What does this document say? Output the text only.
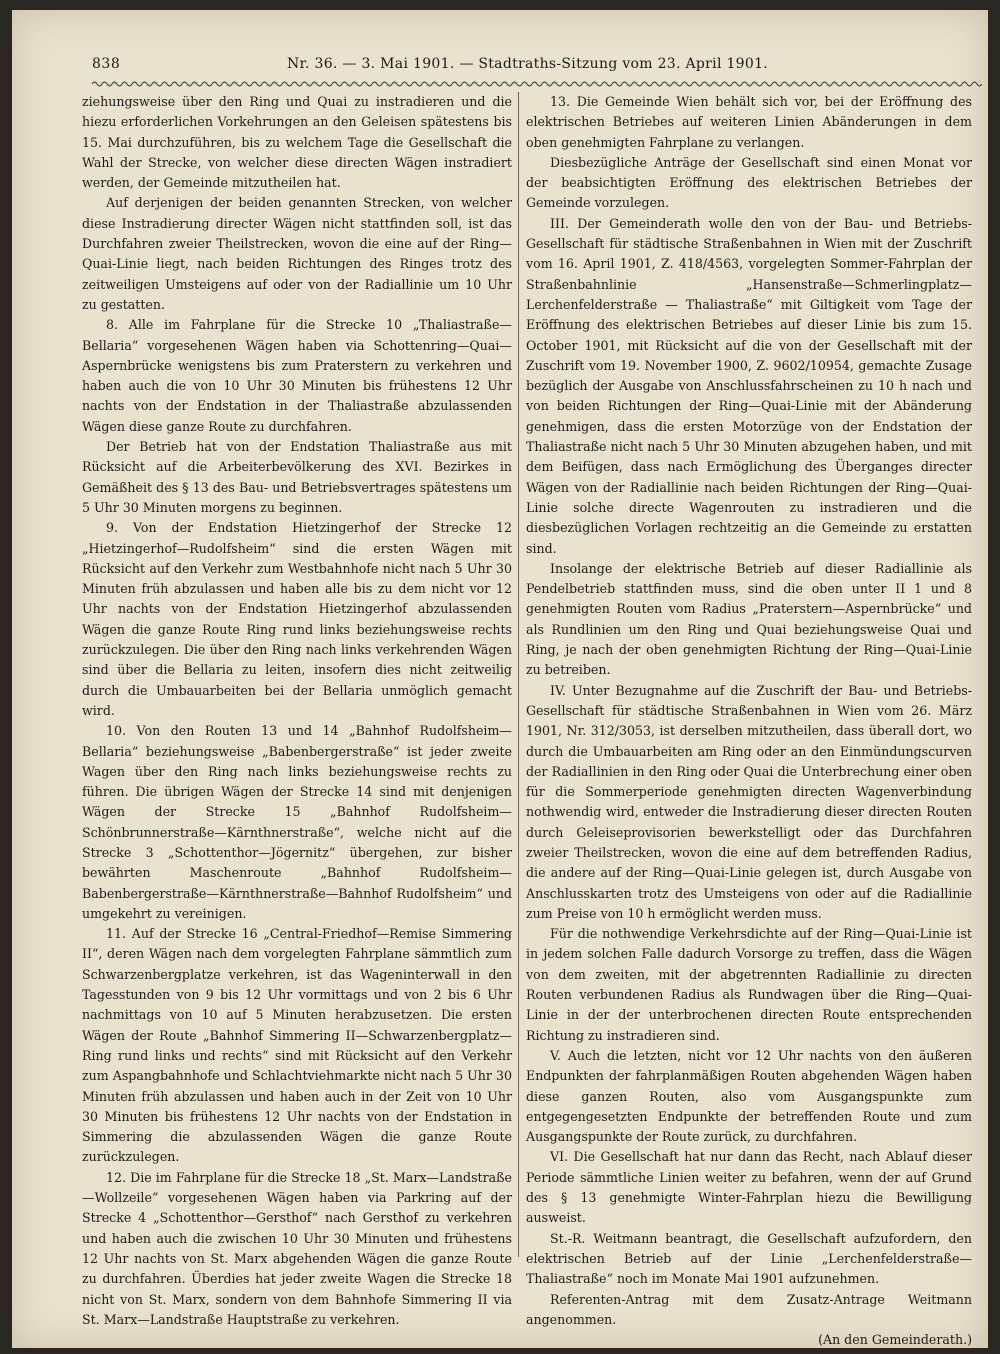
838	Nr. 36. — 3. Mai 1901. — Stadtraths-Sitzung vom 23. April 1901.

ziehungsweise über den Ring und Quai zu instradieren und die hiezu erforderlichen Vorkehrungen an den Geleisen spätestens bis 15. Mai durchzuführen, bis zu welchem Tage die Gesellschaft die Wahl der Strecke, von welcher diese directen Wägen instradiert werden, der Gemeinde mitzutheilen hat.

Auf derjenigen der beiden genannten Strecken, von welcher diese Instradierung directer Wägen nicht stattfinden soll, ist das Durchfahren zweier Theilstrecken, wovon die eine auf der Ring—Quai-Linie liegt, nach beiden Richtungen des Ringes trotz des zeitweiligen Umsteigens auf oder von der Radiallinie um 10 Uhr zu gestatten.

8. Alle im Fahrplane für die Strecke 10 „Thaliastraße—Bellaria“ vorgesehenen Wägen haben via Schottenring—Quai—Aspernbrücke wenigstens bis zum Praterstern zu verkehren und haben auch die von 10 Uhr 30 Minuten bis frühestens 12 Uhr nachts von der Endstation in der Thaliastraße abzulassenden Wägen diese ganze Route zu durchfahren.

Der Betrieb hat von der Endstation Thaliastraße aus mit Rücksicht auf die Arbeiterbevölkerung des XVI. Bezirkes in Gemäßheit des § 13 des Bau- und Betriebsvertrages spätestens um 5 Uhr 30 Minuten morgens zu beginnen.

9. Von der Endstation Hietzingerhof der Strecke 12 „Hietzingerhof—Rudolfsheim“ sind die ersten Wägen mit Rücksicht auf den Verkehr zum Westbahnhofe nicht nach 5 Uhr 30 Minuten früh abzulassen und haben alle bis zu dem nicht vor 12 Uhr nachts von der Endstation Hietzingerhof abzulassenden Wägen die ganze Route Ring rund links beziehungsweise rechts zurückzulegen. Die über den Ring nach links verkehrenden Wägen sind über die Bellaria zu leiten, insofern dies nicht zeitweilig durch die Umbauarbeiten bei der Bellaria unmöglich gemacht wird.

10. Von den Routen 13 und 14 „Bahnhof Rudolfsheim—Bellaria“ beziehungsweise „Babenbergerstraße“ ist jeder zweite Wagen über den Ring nach links beziehungsweise rechts zu führen. Die übrigen Wägen der Strecke 14 sind mit denjenigen Wägen der Strecke 15 „Bahnhof Rudolfsheim—Schönbrunnerstraße—Kärnthnerstraße“, welche nicht auf die Strecke 3 „Schottenthor—Jögernitz“ übergehen, zur bisher bewährten Maschenroute „Bahnhof Rudolfsheim—Babenbergerstraße—Kärnthnerstraße—Bahnhof Rudolfsheim“ und umgekehrt zu vereinigen.

11. Auf der Strecke 16 „Central-Friedhof—Remise Simmering II“, deren Wägen nach dem vorgelegten Fahrplane sämmtlich zum Schwarzenbergplatze verkehren, ist das Wageninterwall in den Tagesstunden von 9 bis 12 Uhr vormittags und von 2 bis 6 Uhr nachmittags von 10 auf 5 Minuten herabzusetzen. Die ersten Wägen der Route „Bahnhof Simmering II—Schwarzenbergplatz—Ring rund links und rechts“ sind mit Rücksicht auf den Verkehr zum Aspangbahnhofe und Schlachtviehmarkte nicht nach 5 Uhr 30 Minuten früh abzulassen und haben auch in der Zeit von 10 Uhr 30 Minuten bis frühestens 12 Uhr nachts von der Endstation in Simmering die abzulassenden Wägen die ganze Route zurückzulegen.

12. Die im Fahrplane für die Strecke 18 „St. Marx—Landstraße—Wollzeile“ vorgesehenen Wägen haben via Parkring auf der Strecke 4 „Schottenthor—Gersthof“ nach Gersthof zu verkehren und haben auch die zwischen 10 Uhr 30 Minuten und frühestens 12 Uhr nachts von St. Marx abgehenden Wägen die ganze Route zu durchfahren. Überdies hat jeder zweite Wagen die Strecke 18 nicht von St. Marx, sondern von dem Bahnhofe Simmering II via St. Marx—Landstraße Hauptstraße zu verkehren.

13. Die Gemeinde Wien behält sich vor, bei der Eröffnung des elektrischen Betriebes auf weiteren Linien Abänderungen in dem oben genehmigten Fahrplane zu verlangen.

Diesbezügliche Anträge der Gesellschaft sind einen Monat vor der beabsichtigten Eröffnung des elektrischen Betriebes der Gemeinde vorzulegen.

III. Der Gemeinderath wolle den von der Bau- und Betriebs-Gesellschaft für städtische Straßenbahnen in Wien mit der Zuschrift vom 16. April 1901, Z. 418/4563, vorgelegten Sommer-Fahrplan der Straßenbahnlinie „Hansenstraße—Schmerlingplatz—Lerchenfelderstraße — Thaliastraße“ mit Giltigkeit vom Tage der Eröffnung des elektrischen Betriebes auf dieser Linie bis zum 15. October 1901, mit Rücksicht auf die von der Gesellschaft mit der Zuschrift vom 19. November 1900, Z. 9602/10954, gemachte Zusage bezüglich der Ausgabe von Anschlussfahrscheinen zu 10 h nach und von beiden Richtungen der Ring—Quai-Linie mit der Abänderung genehmigen, dass die ersten Motorzüge von der Endstation der Thaliastraße nicht nach 5 Uhr 30 Minuten abzugehen haben, und mit dem Beifügen, dass nach Ermöglichung des Überganges directer Wägen von der Radiallinie nach beiden Richtungen der Ring—Quai-Linie solche directe Wagenrouten zu instradieren und die diesbezüglichen Vorlagen rechtzeitig an die Gemeinde zu erstatten sind.

Insolange der elektrische Betrieb auf dieser Radiallinie als Pendelbetrieb stattfinden muss, sind die oben unter II 1 und 8 genehmigten Routen vom Radius „Praterstern—Aspernbrücke“ und als Rundlinien um den Ring und Quai beziehungsweise Quai und Ring, je nach der oben genehmigten Richtung der Ring—Quai-Linie zu betreiben.

IV. Unter Bezugnahme auf die Zuschrift der Bau- und Betriebs-Gesellschaft für städtische Straßenbahnen in Wien vom 26. März 1901, Nr. 312/3053, ist derselben mitzutheilen, dass überall dort, wo durch die Umbauarbeiten am Ring oder an den Einmündungscurven der Radiallinien in den Ring oder Quai die Unterbrechung einer oben für die Sommerperiode genehmigten directen Wagenverbindung nothwendig wird, entweder die Instradierung dieser directen Routen durch Geleiseprovisorien bewerkstelligt oder das Durchfahren zweier Theilstrecken, wovon die eine auf dem betreffenden Radius, die andere auf der Ring—Quai-Linie gelegen ist, durch Ausgabe von Anschlusskarten trotz des Umsteigens von oder auf die Radiallinie zum Preise von 10 h ermöglicht werden muss.

Für die nothwendige Verkehrsdichte auf der Ring—Quai-Linie ist in jedem solchen Falle dadurch Vorsorge zu treffen, dass die Wägen von dem zweiten, mit der abgetrennten Radiallinie zu directen Routen verbundenen Radius als Rundwagen über die Ring—Quai-Linie in der der unterbrochenen directen Route entsprechenden Richtung zu instradieren sind.

V. Auch die letzten, nicht vor 12 Uhr nachts von den äußeren Endpunkten der fahrplanmäßigen Routen abgehenden Wägen haben diese ganzen Routen, also vom Ausgangspunkte zum entgegengesetzten Endpunkte der betreffenden Route und zum Ausgangspunkte der Route zurück, zu durchfahren.

VI. Die Gesellschaft hat nur dann das Recht, nach Ablauf dieser Periode sämmtliche Linien weiter zu befahren, wenn der auf Grund des § 13 genehmigte Winter-Fahrplan hiezu die Bewilligung ausweist.

St.-R. Weitmann beantragt, die Gesellschaft aufzufordern, den elektrischen Betrieb auf der Linie „Lerchenfelderstraße—Thaliastraße“ noch im Monate Mai 1901 aufzunehmen.

Referenten-Antrag mit dem Zusatz-Antrage Weitmann angenommen.

(An den Gemeinderath.)
